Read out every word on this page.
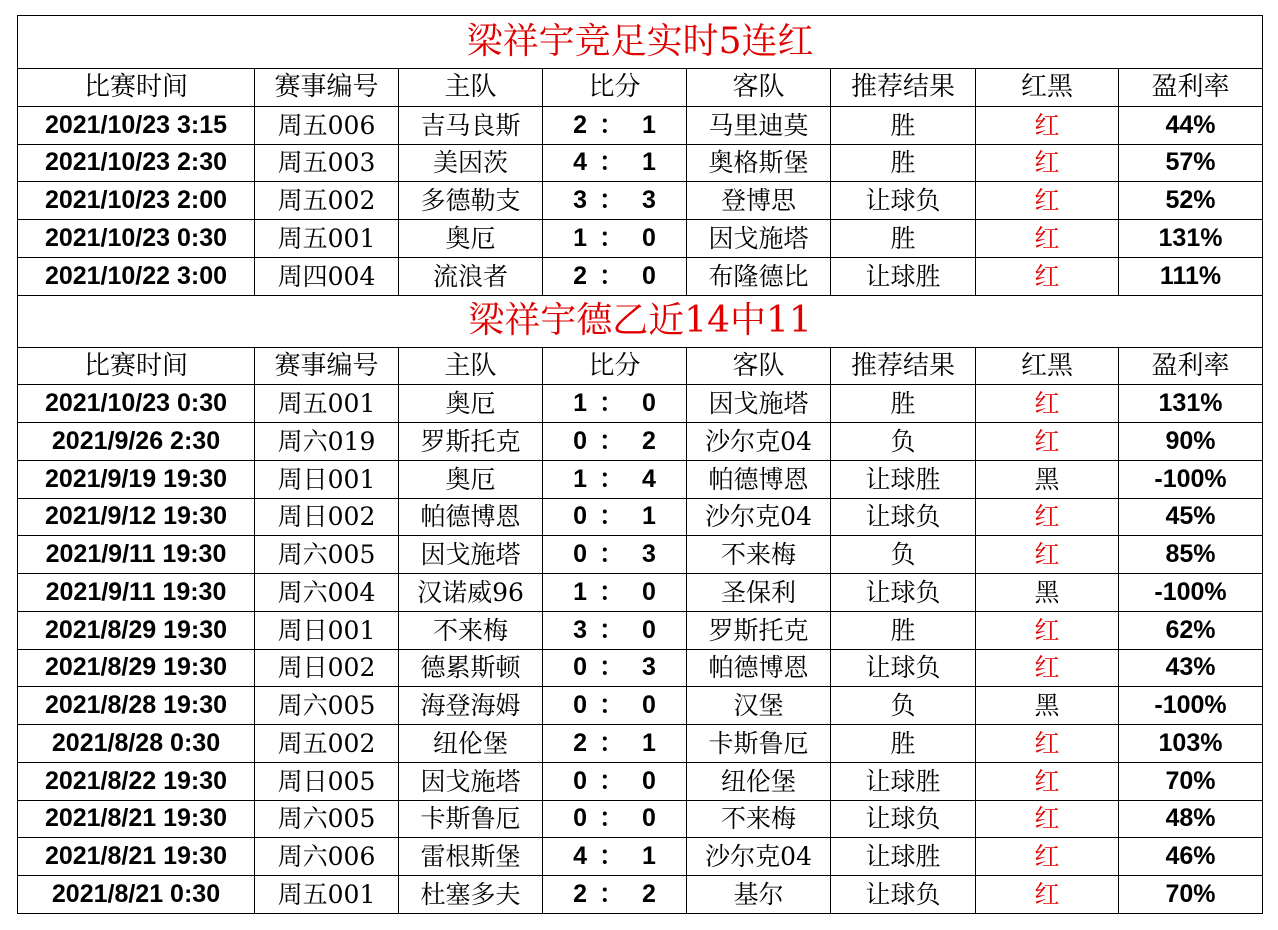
梁祥宇竞足实时5连红							
比赛时间	赛事编号	主队	比分	客队	推荐结果	红黑	盈利率
2021/10/23 3:15	周五006	吉马良斯	2 ： 1	马里迪莫	胜	红	44%
2021/10/23 2:30	周五003	美因茨	4 ： 1	奥格斯堡	胜	红	57%
2021/10/23 2:00	周五002	多德勒支	3 ： 3	登博思	让球负	红	52%
2021/10/23 0:30	周五001	奥厄	1 ： 0	因戈施塔	胜	红	131%
2021/10/22 3:00	周四004	流浪者	2 ： 0	布隆德比	让球胜	红	111%
梁祥宇德乙近14中11							
比赛时间	赛事编号	主队	比分	客队	推荐结果	红黑	盈利率
2021/10/23 0:30	周五001	奥厄	1 ： 0	因戈施塔	胜	红	131%
2021/9/26 2:30	周六019	罗斯托克	0 ： 2	沙尔克04	负	红	90%
2021/9/19 19:30	周日001	奥厄	1 ： 4	帕德博恩	让球胜	黑	-100%
2021/9/12 19:30	周日002	帕德博恩	0 ： 1	沙尔克04	让球负	红	45%
2021/9/11 19:30	周六005	因戈施塔	0 ： 3	不来梅	负	红	85%
2021/9/11 19:30	周六004	汉诺威96	1 ： 0	圣保利	让球负	黑	-100%
2021/8/29 19:30	周日001	不来梅	3 ： 0	罗斯托克	胜	红	62%
2021/8/29 19:30	周日002	德累斯顿	0 ： 3	帕德博恩	让球负	红	43%
2021/8/28 19:30	周六005	海登海姆	0 ： 0	汉堡	负	黑	-100%
2021/8/28 0:30	周五002	纽伦堡	2 ： 1	卡斯鲁厄	胜	红	103%
2021/8/22 19:30	周日005	因戈施塔	0 ： 0	纽伦堡	让球胜	红	70%
2021/8/21 19:30	周六005	卡斯鲁厄	0 ： 0	不来梅	让球负	红	48%
2021/8/21 19:30	周六006	雷根斯堡	4 ： 1	沙尔克04	让球胜	红	46%
2021/8/21 0:30	周五001	杜塞多夫	2 ： 2	基尔	让球负	红	70%
